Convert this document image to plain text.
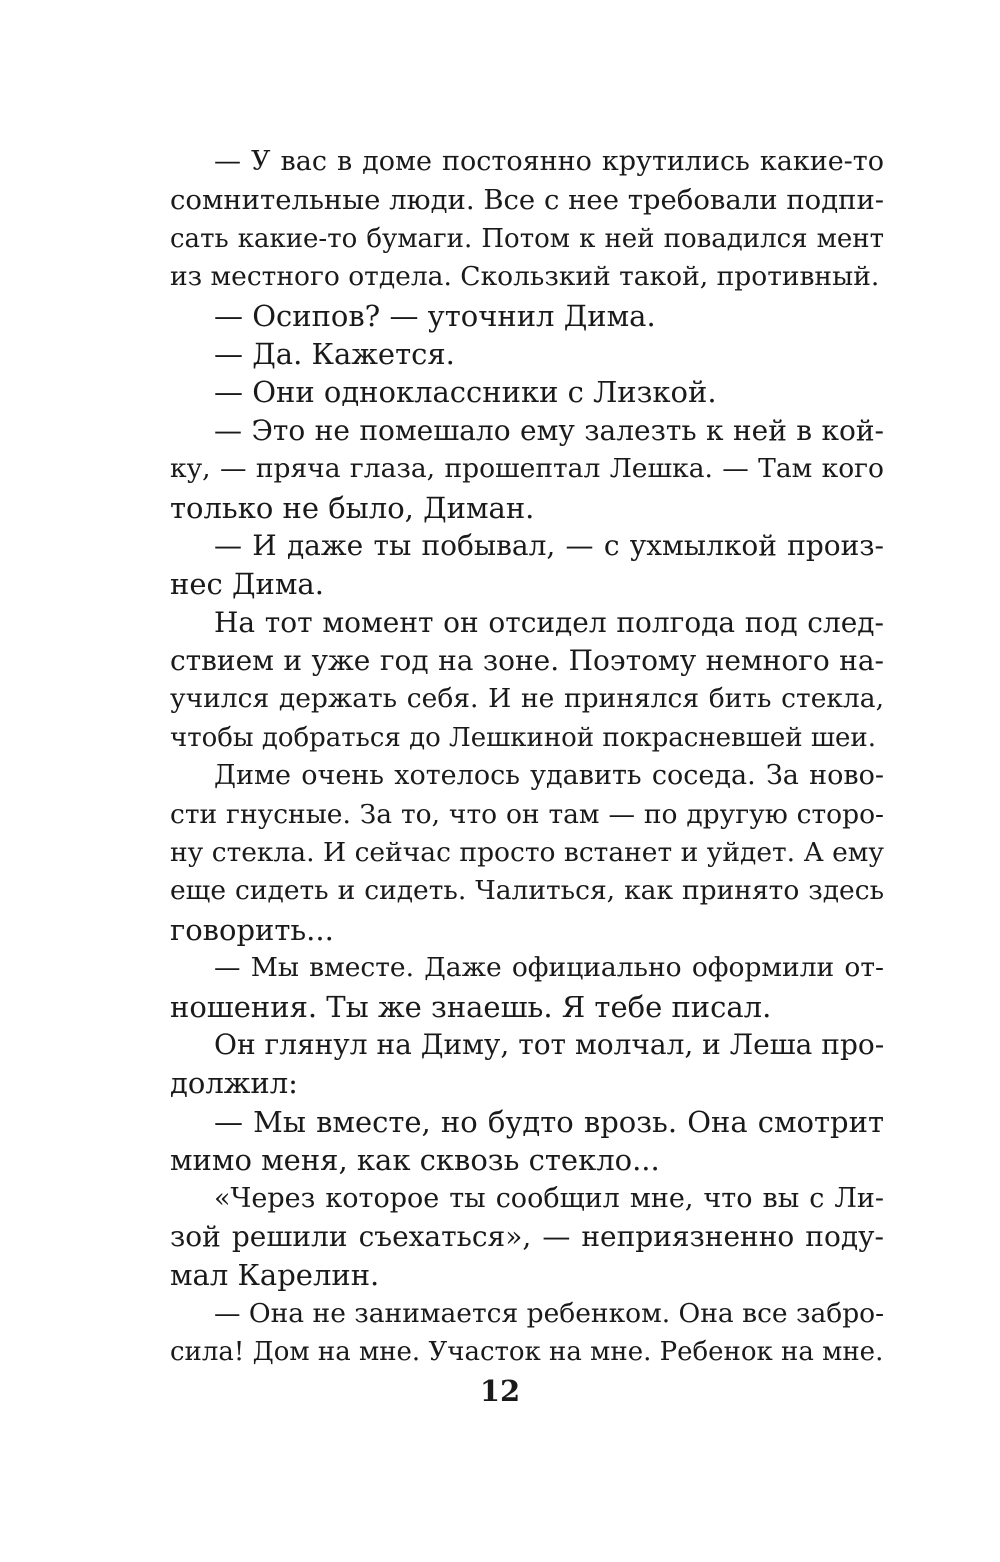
— У вас в доме постоянно крутились какие-то
сомнительные люди. Все с нее требовали подпи-
сать какие-то бумаги. Потом к ней повадился мент
из местного отдела. Скользкий такой, противный.
— Осипов? — уточнил Дима.
— Да. Кажется.
— Они одноклассники с Лизкой.
— Это не помешало ему залезть к ней в кой-
ку, — пряча глаза, прошептал Лешка. — Там кого
только не было, Диман.
— И даже ты побывал, — с ухмылкой произ-
нес Дима.
На тот момент он отсидел полгода под след-
ствием и уже год на зоне. Поэтому немного на-
учился держать себя. И не принялся бить стекла,
чтобы добраться до Лешкиной покрасневшей шеи.
Диме очень хотелось удавить соседа. За ново-
сти гнусные. За то, что он там — по другую сторо-
ну стекла. И сейчас просто встанет и уйдет. А ему
еще сидеть и сидеть. Чалиться, как принято здесь
говорить...
— Мы вместе. Даже официально оформили от-
ношения. Ты же знаешь. Я тебе писал.
Он глянул на Диму, тот молчал, и Леша про-
должил:
— Мы вместе, но будто врозь. Она смотрит
мимо меня, как сквозь стекло...
«Через которое ты сообщил мне, что вы с Ли-
зой решили съехаться», — неприязненно поду-
мал Карелин.
— Она не занимается ребенком. Она все забро-
сила! Дом на мне. Участок на мне. Ребенок на мне.
12
